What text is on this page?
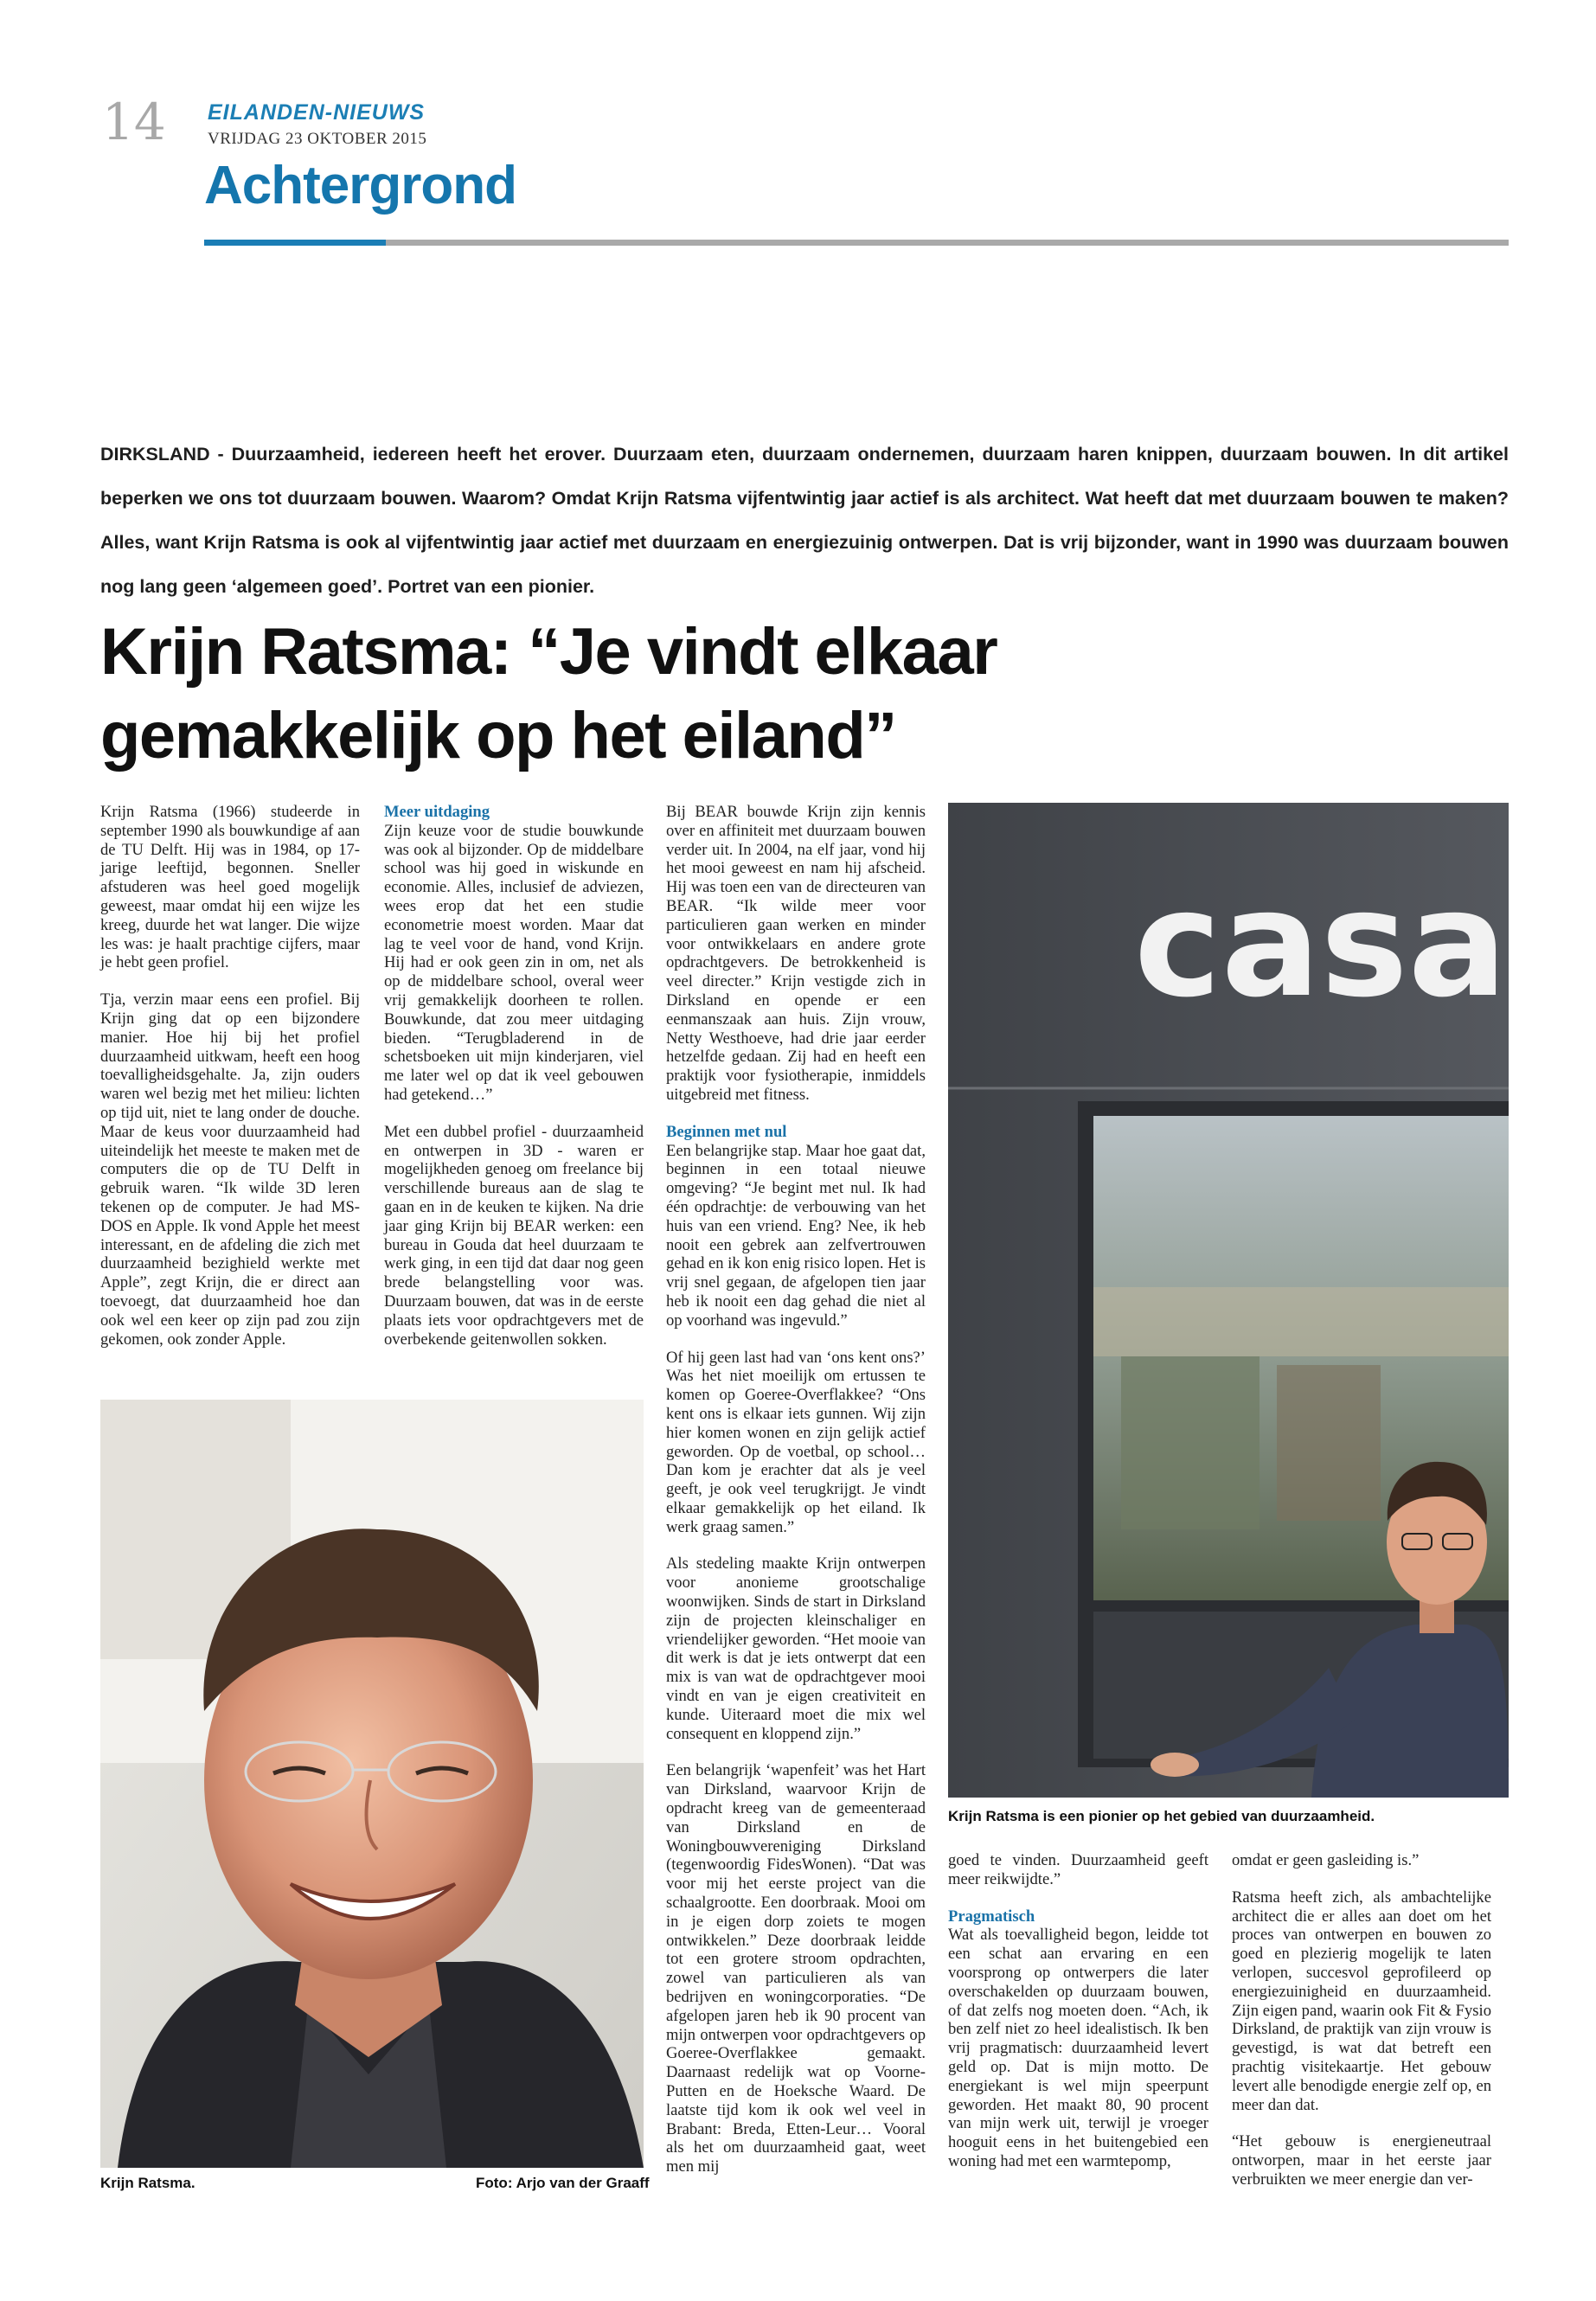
14 EILANDEN-NIEUWS
VRIJDAG 23 OKTOBER 2015
Achtergrond
DIRKSLAND - Duurzaamheid, iedereen heeft het erover. Duurzaam eten, duurzaam ondernemen, duurzaam haren knippen, duurzaam bouwen. In dit artikel beperken we ons tot duurzaam bouwen. Waarom? Omdat Krijn Ratsma vijfentwintig jaar actief is als architect. Wat heeft dat met duurzaam bouwen te maken? Alles, want Krijn Ratsma is ook al vijfentwintig jaar actief met duurzaam en energiezuinig ontwerpen. Dat is vrij bijzonder, want in 1990 was duurzaam bouwen nog lang geen ‘algemeen goed’. Portret van een pionier.
Krijn Ratsma: “Je vindt elkaar gemakkelijk op het eiland”

Krijn Ratsma (1966) studeerde in september 1990 als bouwkundige af aan de TU Delft. Hij was in 1984, op 17-jarige leeftijd, begonnen. Sneller afstuderen was heel goed mogelijk geweest, maar omdat hij een wijze les kreeg, duurde het wat langer. Die wijze les was: je haalt prachtige cijfers, maar je hebt geen profiel.

Tja, verzin maar eens een profiel. Bij Krijn ging dat op een bijzondere manier. Hoe hij bij het profiel duurzaamheid uitkwam, heeft een hoog toevalligheidsgehalte. Ja, zijn ouders waren wel bezig met het milieu: lichten op tijd uit, niet te lang onder de douche. Maar de keus voor duurzaamheid had uiteindelijk het meeste te maken met de computers die op de TU Delft in gebruik waren. “Ik wilde 3D leren tekenen op de computer. Je had MS-DOS en Apple. Ik vond Apple het meest interessant, en de afdeling die zich met duurzaamheid bezighield werkte met Apple”, zegt Krijn, die er direct aan toevoegt, dat duurzaamheid hoe dan ook wel een keer op zijn pad zou zijn gekomen, ook zonder Apple.

Meer uitdaging

Zijn keuze voor de studie bouwkunde was ook al bijzonder. Op de middelbare school was hij goed in wiskunde en economie. Alles, inclusief de adviezen, wees erop dat het een studie econometrie moest worden. Maar dat lag te veel voor de hand, vond Krijn. Hij had er ook geen zin in om, net als op de middelbare school, overal weer vrij gemakkelijk doorheen te rollen. Bouwkunde, dat zou meer uitdaging bieden. “Terugbladerend in de schetsboeken uit mijn kinderjaren, viel me later wel op dat ik veel gebouwen had getekend…”

Met een dubbel profiel - duurzaamheid en ontwerpen in 3D - waren er mogelijkheden genoeg om freelance bij verschillende bureaus aan de slag te gaan en in de keuken te kijken. Na drie jaar ging Krijn bij BEAR werken: een bureau in Gouda dat heel duurzaam te werk ging, in een tijd dat daar nog geen brede belangstelling voor was. Duurzaam bouwen, dat was in de eerste plaats iets voor opdrachtgevers met de overbekende geitenwollen sokken.

Bij BEAR bouwde Krijn zijn kennis over en affiniteit met duurzaam bouwen verder uit. In 2004, na elf jaar, vond hij het mooi geweest en nam hij afscheid. Hij was toen een van de directeuren van BEAR. “Ik wilde meer voor particulieren gaan werken en minder voor ontwikkelaars en andere grote opdrachtgevers. De betrokkenheid is veel directer.” Krijn vestigde zich in Dirksland en opende er een eenmanszaak aan huis. Zijn vrouw, Netty Westhoeve, had drie jaar eerder hetzelfde gedaan. Zij had en heeft een praktijk voor fysiotherapie, inmiddels uitgebreid met fitness.

Beginnen met nul

Een belangrijke stap. Maar hoe gaat dat, beginnen in een totaal nieuwe omgeving? “Je begint met nul. Ik had één opdrachtje: de verbouwing van het huis van een vriend. Eng? Nee, ik heb nooit een gebrek aan zelfvertrouwen gehad en ik kon enig risico lopen. Het is vrij snel gegaan, de afgelopen tien jaar heb ik nooit een dag gehad die niet al op voorhand was ingevuld.”

Of hij geen last had van ‘ons kent ons?’ Was het niet moeilijk om ertussen te komen op Goeree-Overflakkee? “Ons kent ons is elkaar iets gunnen. Wij zijn hier komen wonen en zijn gelijk actief geworden. Op de voetbal, op school… Dan kom je erachter dat als je veel geeft, je ook veel terugkrijgt. Je vindt elkaar gemakkelijk op het eiland. Ik werk graag samen.”

Als stedeling maakte Krijn ontwerpen voor anonieme grootschalige woonwijken. Sinds de start in Dirksland zijn de projecten kleinschaliger en vriendelijker geworden. “Het mooie van dit werk is dat je iets ontwerpt dat een mix is van wat de opdrachtgever mooi vindt en van je eigen creativiteit en kunde. Uiteraard moet die mix wel consequent en kloppend zijn.”

Een belangrijk ‘wapenfeit’ was het Hart van Dirksland, waarvoor Krijn de opdracht kreeg van de gemeenteraad van Dirksland en de Woningbouwvereniging Dirksland (tegenwoordig FidesWonen). “Dat was voor mij het eerste project van die schaalgrootte. Een doorbraak. Mooi om in je eigen dorp zoiets te mogen ontwikkelen.” Deze doorbraak leidde tot een grotere stroom opdrachten, zowel van particulieren als van bedrijven en woningcorporaties. “De afgelopen jaren heb ik 90 procent van mijn ontwerpen voor opdrachtgevers op Goeree-Overflakkee gemaakt. Daarnaast redelijk wat op Voorne-Putten en de Hoeksche Waard. De laatste tijd kom ik ook wel veel in Brabant: Breda, Etten-Leur… Vooral als het om duurzaamheid gaat, weet men mij

Krijn Ratsma.	Foto: Arjo van der Graaff
casa
Krijn Ratsma is een pionier op het gebied van duurzaamheid.

goed te vinden. Duurzaamheid geeft meer reikwijdte.”

Pragmatisch

Wat als toevalligheid begon, leidde tot een schat aan ervaring en een voorsprong op ontwerpers die later overschakelden op duurzaam bouwen, of dat zelfs nog moeten doen. “Ach, ik ben zelf niet zo heel idealistisch. Ik ben vrij pragmatisch: duurzaamheid levert geld op. Dat is mijn motto. De energiekant is wel mijn speerpunt geworden. Het maakt 80, 90 procent van mijn werk uit, terwijl je vroeger hooguit eens in het buitengebied een woning had met een warmtepomp,

omdat er geen gasleiding is.”

Ratsma heeft zich, als ambachtelijke architect die er alles aan doet om het proces van ontwerpen en bouwen zo goed en plezierig mogelijk te laten verlopen, succesvol geprofileerd op energiezuinigheid en duurzaamheid. Zijn eigen pand, waarin ook Fit & Fysio Dirksland, de praktijk van zijn vrouw is gevestigd, is wat dat betreft een prachtig visitekaartje. Het gebouw levert alle benodigde energie zelf op, en meer dan dat.

“Het gebouw is energieneutraal ontworpen, maar in het eerste jaar verbruikten we meer energie dan ver-
